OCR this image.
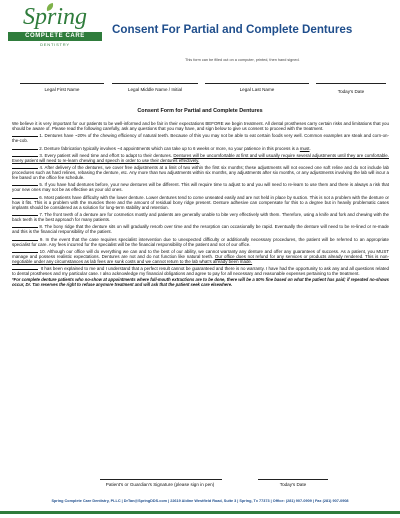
Spring
COMPLETE CARE
DENTISTRY
Consent For Partial and Complete Dentures
This form can be filled out on a computer, printed, then hand signed.
Legal First Name	Legal Middle Name / Initial	Legal Last Name	Today's Date
Consent Form for Partial and Complete Dentures

We believe it is very important for our patients to be well-informed and be fair in their expectations BEFORE we begin treatment. All dental prostheses carry certain risks and limitations that you should be aware of. Please read the following carefully, ask any questions that you may have, and sign below to give us consent to proceed with the treatment.

1. Dentures have ~20% of the chewing efficiency of natural teeth. Because of this you may not be able to eat certain foods very well. Common examples are steak and corn-on-the-cob.

2. Denture fabrication typically involves ~4 appointments which can take up to 6 weeks or more, so your patience in this process is a must.

3. Every patient will need time and effort to adapt to their dentures. Dentures will be uncomfortable at first and will usually require several adjustments until they are comfortable. Every patient will need to re-learn chewing and speech in order to use their dentures effectively.

4. After delivery of the dentures, we cover free adjustments at a limit of two within the first six months; these adjustments will not exceed one soft reline and do not include lab procedures such as hard relines, rebasing the denture, etc. Any more than two adjustments within six months, any adjustments after six months, or any adjustments involving the lab will incur a fee based on the office fee schedule.

5. If you have had dentures before, your new dentures will be different. This will require time to adjust to and you will need to re-learn to use them and there is always a risk that your new ones may not be as effective as your old ones.

6. Most patients have difficulty with the lower denture. Lower dentures tend to come unseated easily and are not held in place by suction. This is not a problem with the denture or how it fits. This is a problem with the muscles there and the amount of residual bony ridge present. Denture adhesive can compensate for this to a degree but in heavily problematic cases implants should be considered as a solution for long-term stability and retention.

7. The front teeth of a denture are for cosmetics mostly and patients are generally unable to bite very effectively with them. Therefore, using a knife and fork and chewing with the back teeth is the best approach for many patients.

8. The bony ridge that the denture sits on will gradually resorb over time and the resorption can occasionally be rapid. Eventually the denture will need to be re-lined or re-made and this is the financial responsibility of the patient.

9. In the event that the case requires specialist intervention due to unexpected difficulty or additionally necessary procedures, the patient will be referred to an appropriate specialist for care. Any fees incurred for the specialist will be the financial responsibility of the patient and not of our office.

10. Although our office will do everything we can and to the best of our ability, we cannot warranty any denture and offer any guarantees of success. As a patient, you MUST manage and possess realistic expectations. Dentures are not and do not function like natural teeth. Our office does not refund for any services or products already rendered. This is non-negotiable under any circumstances as lab fees are sunk costs and we cannot return to the lab what's already been made.

It has been explained to me and I understand that a perfect result cannot be guaranteed and there is no warranty. I have had the opportunity to ask any and all questions related to dental prostheses and my particular case. I also acknowledge my financial obligations and agree to pay for all necessary and reasonable expenses pertaining to the treatment.

*For complete denture patients who no-show at appointments where full-mouth extractions are to be done, there will be a 50% fine based on what the patient has paid; if repeated no-shows occur, Dr. Tan reserves the right to refuse anymore treatment and will ask that the patient seek care elsewhere.

Patient's or Guardian's Signature (please sign in pen)	Today's Date
Spring Complete Care Dentistry, PLLC | DrTan@SpringDDS.com | 22619 Aldine Westfield Road, Suite 3 | Spring, Tx 77373 | Office: (281) 907-0909 | Fax (281) 907-0908
